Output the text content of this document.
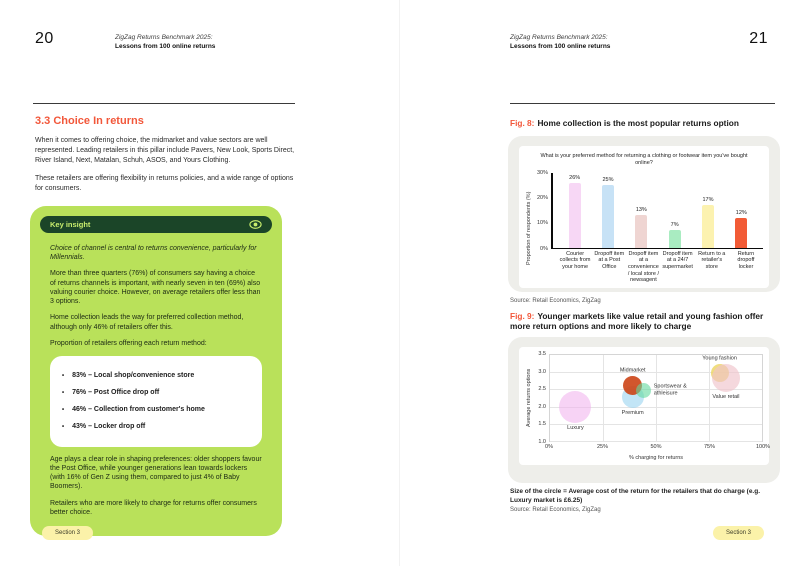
20	ZigZag Returns Benchmark 2025:
Lessons from 100 online returns
3.3 Choice In returns
When it comes to offering choice, the midmarket and value sectors are well represented. Leading retailers in this pillar include Pavers, New Look, Sports Direct, River Island, Next, Matalan, Schuh, ASOS, and Yours Clothing.
These retailers are offering flexibility in returns policies, and a wide range of options for consumers.
Key insight

Choice of channel is central to returns convenience, particularly for Millennials.

More than three quarters (76%) of consumers say having a choice of returns channels is important, with nearly seven in ten (69%) also valuing courier choice. However, on average retailers offer less than 3 options.

Home collection leads the way for preferred collection method, although only 46% of retailers offer this.

Proportion of retailers offering each return method:

• 83% – Local shop/convenience store
• 76% – Post Office drop off
• 46% – Collection from customer's home
• 43% – Locker drop off

Age plays a clear role in shaping preferences: older shoppers favour the Post Office, while younger generations lean towards lockers (with 16% of Gen Z using them, compared to just 4% of Baby Boomers).

Retailers who are more likely to charge for returns offer consumers better choice.

Section 3
ZigZag Returns Benchmark 2025:
Lessons from 100 online returns	21
Fig. 8: Home collection is the most popular returns option
What is your preferred method for returning a clothing or footwear item you've bought online?
Proportion of respondents (%)
30%
20%
10%
0%
26%	25%
13%
7%
17%
12%
Courier collects from your home
Dropoff item at a Post Office
Dropoff item at a convenience / local store / newsagent
Dropoff item at a 24/7 supermarket
Return to a retailer's store
Return dropoff locker
Source: Retail Economics, ZigZag
Fig. 9: Younger markets like value retail and young fashion offer more return options and more likely to charge
Average returns options
3.5
3.0
2.5
2.0
1.5
1.0
Luxury
Premium
Midmarket
Sportswear & athleisure
Young fashion
Value retail
0%	25%	50%	75%	100%
% charging for returns
Size of the circle = Average cost of the return for the retailers that do charge (e.g. Luxury market is £6.25)
Source: Retail Economics, ZigZag
Section 3
